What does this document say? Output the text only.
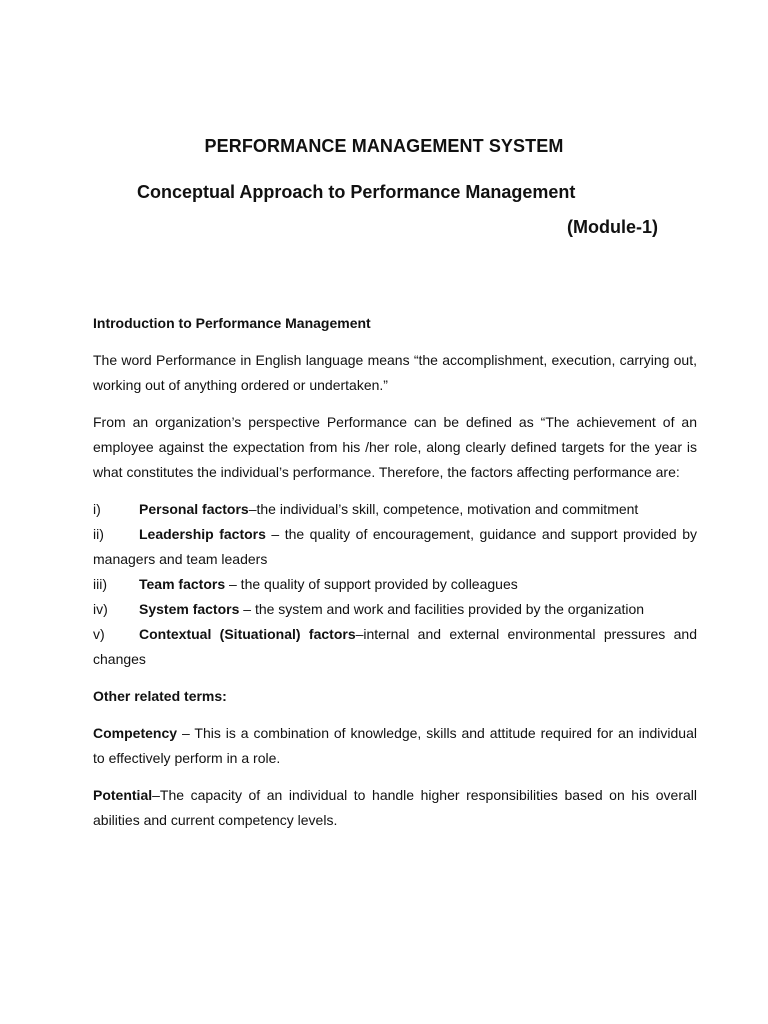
PERFORMANCE MANAGEMENT SYSTEM
Conceptual Approach to Performance Management
(Module-1)
Introduction to Performance Management
The word Performance in English language means “the accomplishment, execution, carrying out, working out of anything ordered or undertaken.”
From an organization’s perspective Performance can be defined as “The achievement of an employee against the expectation from his /her role, along clearly defined targets for the year is what constitutes the individual’s performance. Therefore, the factors affecting performance are:
i)	Personal factors–the individual’s skill, competence, motivation and commitment
ii)	Leadership factors – the quality of encouragement, guidance and support provided by managers and team leaders
iii) Team factors – the quality of support provided by colleagues
iv) System factors – the system and work and facilities provided by the organization
v) Contextual (Situational) factors–internal and external environmental pressures and changes
Other related terms:
Competency – This is a combination of knowledge, skills and attitude required for an individual to effectively perform in a role.
Potential–The capacity of an individual to handle higher responsibilities based on his overall abilities and current competency levels.
